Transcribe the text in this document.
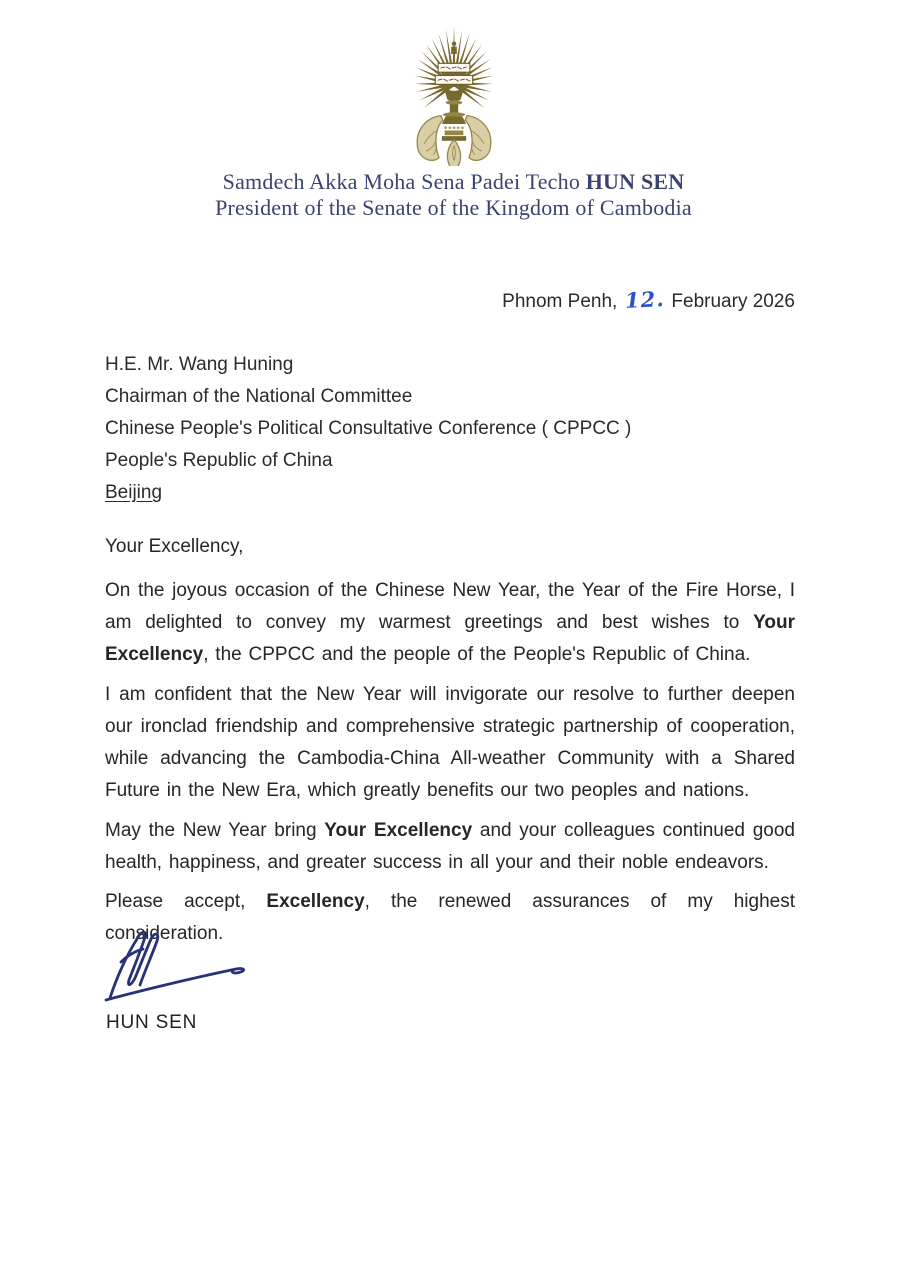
Samdech Akka Moha Sena Padei Techo HUN SEN
President of the Senate of the Kingdom of Cambodia
Phnom Penh, 12. February 2026
H.E. Mr. Wang Huning
Chairman of the National Committee
Chinese People's Political Consultative Conference ( CPPCC )
People's Republic of China
Beijing
Your Excellency,
On the joyous occasion of the Chinese New Year, the Year of the Fire Horse, I am delighted to convey my warmest greetings and best wishes to Your Excellency, the CPPCC and the people of the People's Republic of China.
I am confident that the New Year will invigorate our resolve to further deepen our ironclad friendship and comprehensive strategic partnership of cooperation, while advancing the Cambodia-China All-weather Community with a Shared Future in the New Era, which greatly benefits our two peoples and nations.
May the New Year bring Your Excellency and your colleagues continued good health, happiness, and greater success in all your and their noble endeavors.
Please accept, Excellency, the renewed assurances of my highest consideration.
HUN SEN
